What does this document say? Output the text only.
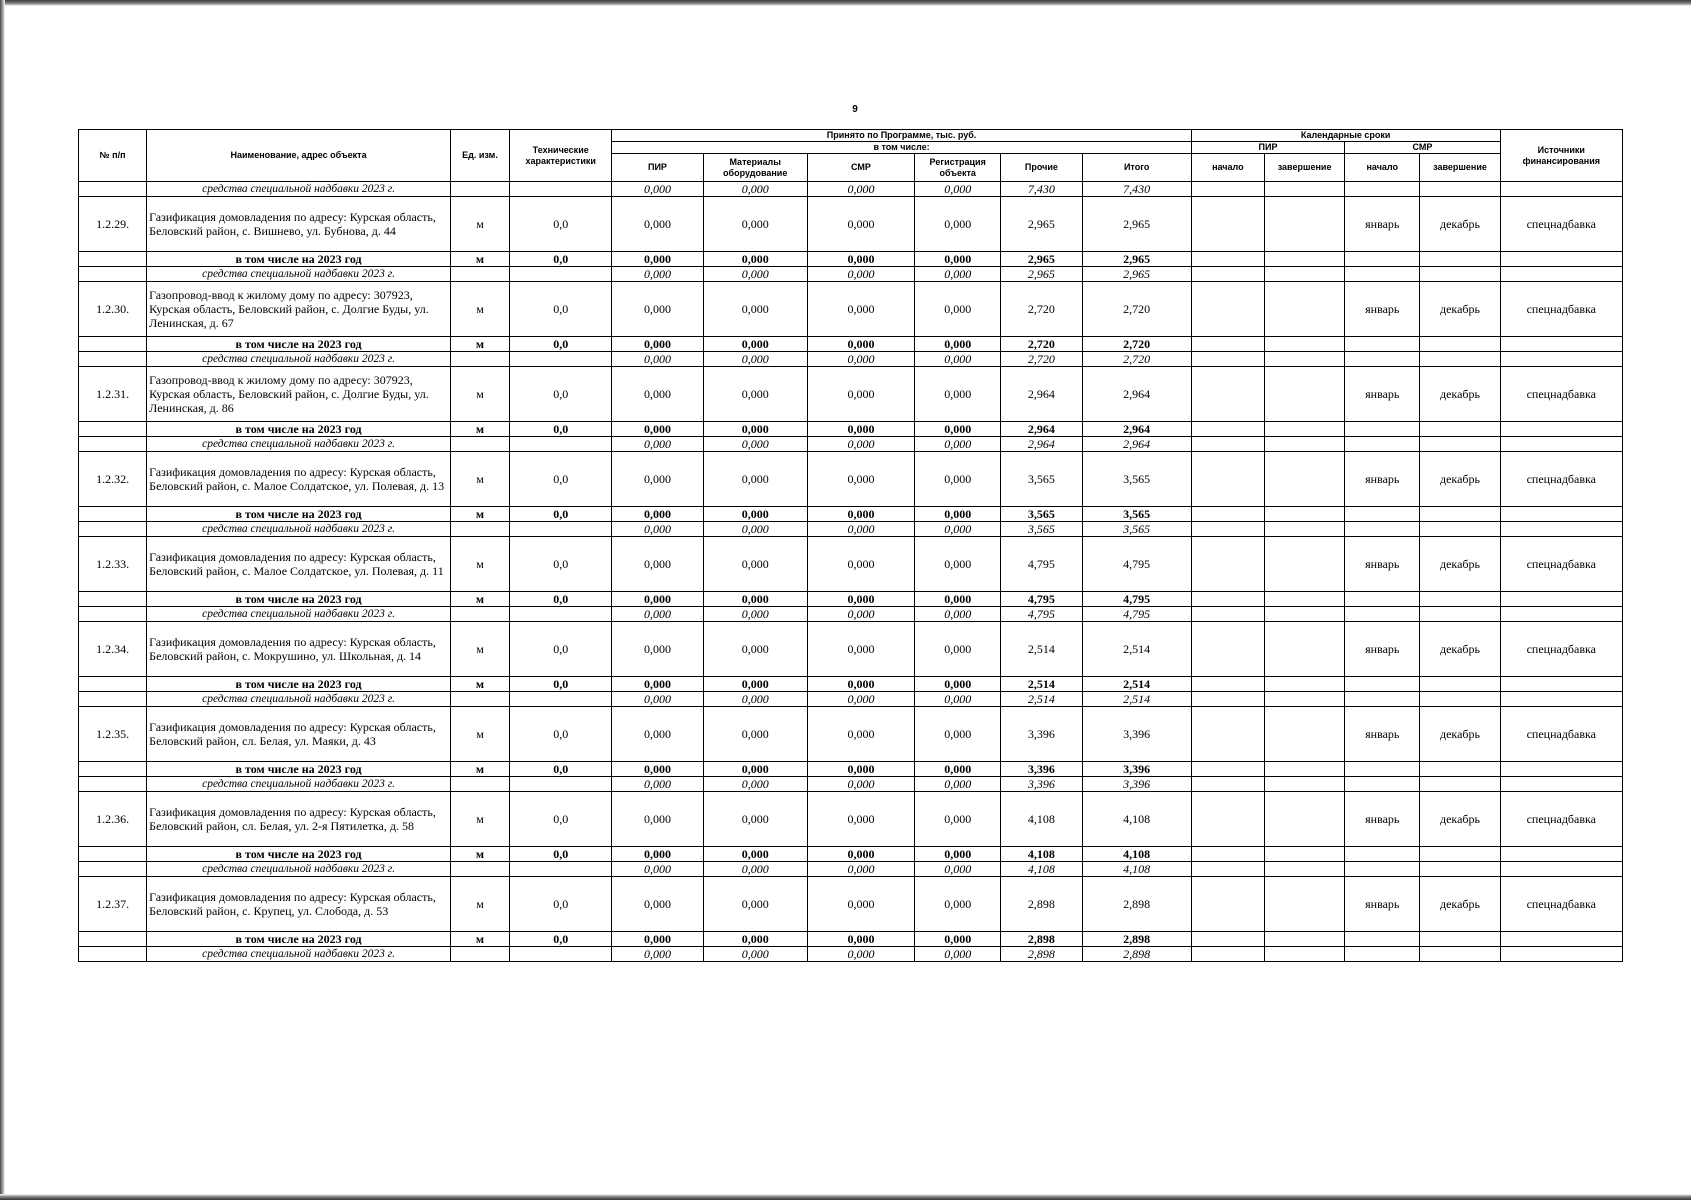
9
№ п/п	Наименование, адрес объекта	Ед. изм.	Технические характеристики	Принято по Программе, тыс. руб.						Календарные сроки				Источники финансирования
				в том числе:						ПИР		СМР		
				ПИР	Материалы оборудование	СМР	Регистрация объекта	Прочие	Итого	начало	завершение	начало	завершение	
	средства специальной надбавки 2023 г.			0,000	0,000	0,000	0,000	7,430	7,430					
1.2.29.	Газификация домовладения по адресу: Курская область, Беловский район, с. Вишнево, ул. Бубнова, д. 44	м	0,0	0,000	0,000	0,000	0,000	2,965	2,965			январь	декабрь	спецнадбавка
	в том числе на 2023 год	м	0,0	0,000	0,000	0,000	0,000	2,965	2,965					
	средства специальной надбавки 2023 г.			0,000	0,000	0,000	0,000	2,965	2,965					
1.2.30.	Газопровод-ввод к жилому дому по адресу: 307923, Курская область, Беловский район, с. Долгие Буды, ул. Ленинская, д. 67	м	0,0	0,000	0,000	0,000	0,000	2,720	2,720			январь	декабрь	спецнадбавка
	в том числе на 2023 год	м	0,0	0,000	0,000	0,000	0,000	2,720	2,720					
	средства специальной надбавки 2023 г.			0,000	0,000	0,000	0,000	2,720	2,720					
1.2.31.	Газопровод-ввод к жилому дому по адресу: 307923, Курская область, Беловский район, с. Долгие Буды, ул. Ленинская, д. 86	м	0,0	0,000	0,000	0,000	0,000	2,964	2,964			январь	декабрь	спецнадбавка
	в том числе на 2023 год	м	0,0	0,000	0,000	0,000	0,000	2,964	2,964					
	средства специальной надбавки 2023 г.			0,000	0,000	0,000	0,000	2,964	2,964					
1.2.32.	Газификация домовладения по адресу: Курская область, Беловский район, с. Малое Солдатское, ул. Полевая, д. 13	м	0,0	0,000	0,000	0,000	0,000	3,565	3,565			январь	декабрь	спецнадбавка
	в том числе на 2023 год	м	0,0	0,000	0,000	0,000	0,000	3,565	3,565					
	средства специальной надбавки 2023 г.			0,000	0,000	0,000	0,000	3,565	3,565					
1.2.33.	Газификация домовладения по адресу: Курская область, Беловский район, с. Малое Солдатское, ул. Полевая, д. 11	м	0,0	0,000	0,000	0,000	0,000	4,795	4,795			январь	декабрь	спецнадбавка
	в том числе на 2023 год	м	0,0	0,000	0,000	0,000	0,000	4,795	4,795					
	средства специальной надбавки 2023 г.			0,000	0,000	0,000	0,000	4,795	4,795					
1.2.34.	Газификация домовладения по адресу: Курская область, Беловский район, с. Мокрушино, ул. Школьная, д. 14	м	0,0	0,000	0,000	0,000	0,000	2,514	2,514			январь	декабрь	спецнадбавка
	в том числе на 2023 год	м	0,0	0,000	0,000	0,000	0,000	2,514	2,514					
	средства специальной надбавки 2023 г.			0,000	0,000	0,000	0,000	2,514	2,514					
1.2.35.	Газификация домовладения по адресу: Курская область, Беловский район, сл. Белая, ул. Маяки, д. 43	м	0,0	0,000	0,000	0,000	0,000	3,396	3,396			январь	декабрь	спецнадбавка
	в том числе на 2023 год	м	0,0	0,000	0,000	0,000	0,000	3,396	3,396					
	средства специальной надбавки 2023 г.			0,000	0,000	0,000	0,000	3,396	3,396					
1.2.36.	Газификация домовладения по адресу: Курская область, Беловский район, сл. Белая, ул. 2-я Пятилетка, д. 58	м	0,0	0,000	0,000	0,000	0,000	4,108	4,108			январь	декабрь	спецнадбавка
	в том числе на 2023 год	м	0,0	0,000	0,000	0,000	0,000	4,108	4,108					
	средства специальной надбавки 2023 г.			0,000	0,000	0,000	0,000	4,108	4,108					
1.2.37.	Газификация домовладения по адресу: Курская область, Беловский район, с. Крупец, ул. Слобода, д. 53	м	0,0	0,000	0,000	0,000	0,000	2,898	2,898			январь	декабрь	спецнадбавка
	в том числе на 2023 год	м	0,0	0,000	0,000	0,000	0,000	2,898	2,898					
	средства специальной надбавки 2023 г.			0,000	0,000	0,000	0,000	2,898	2,898					
